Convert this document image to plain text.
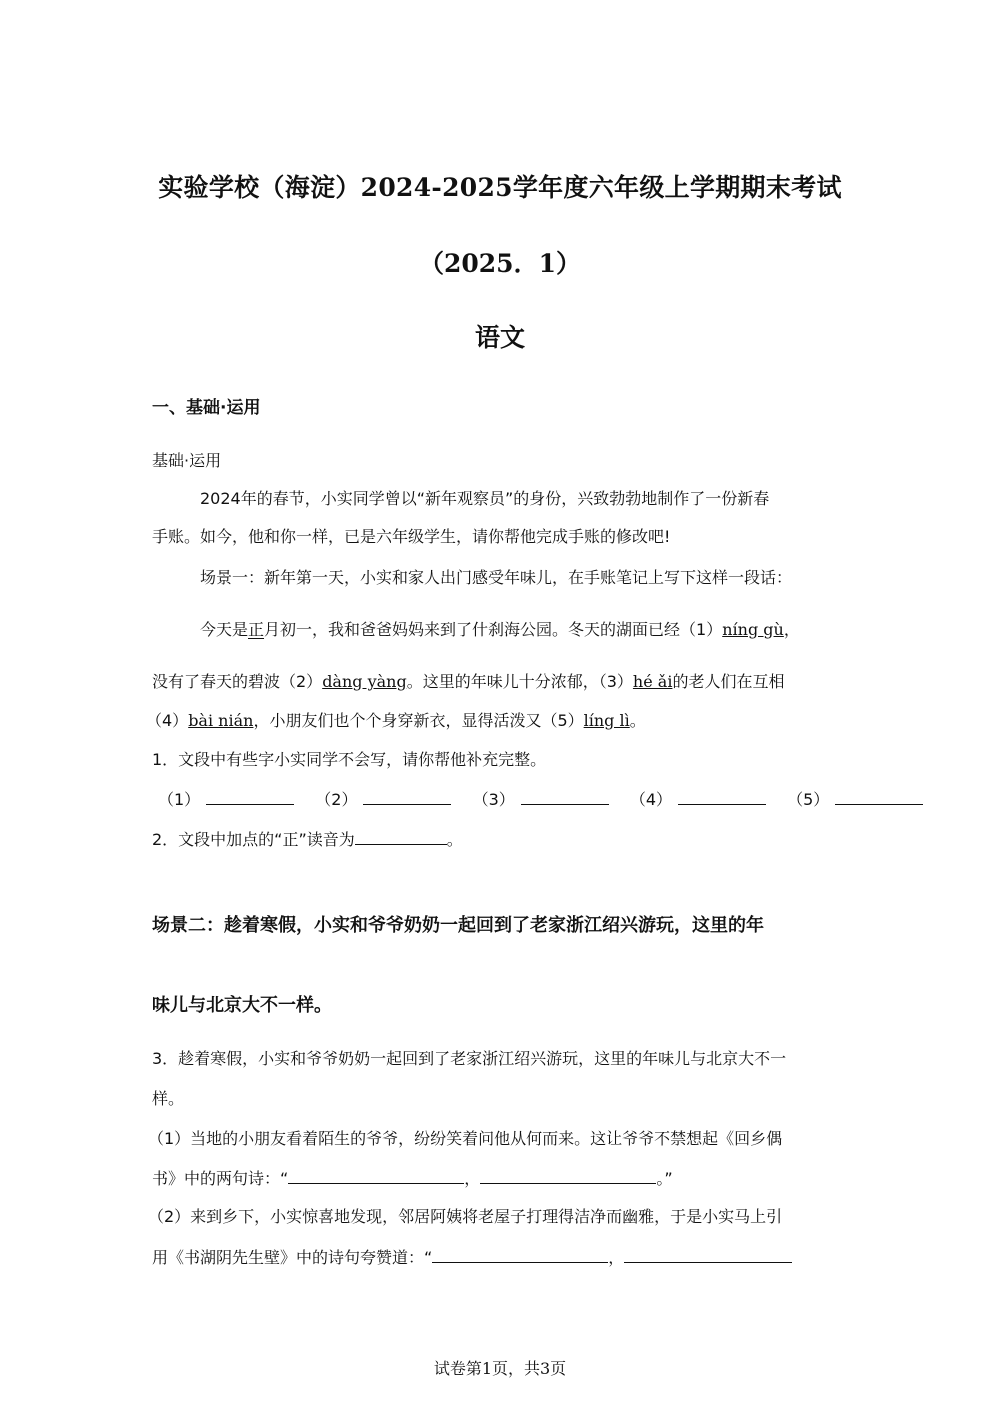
实验学校（海淀）2024-2025学年度六年级上学期期末考试
（2025．1）
语文
一、基础·运用
基础·运用
2024年的春节，小实同学曾以“新年观察员”的身份，兴致勃勃地制作了一份新春
手账。如今，他和你一样，已是六年级学生，请你帮他完成手账的修改吧!
场景一：新年第一天，小实和家人出门感受年味儿，在手账笔记上写下这样一段话：
今天是正月初一，我和爸爸妈妈来到了什刹海公园。冬天的湖面已经（1）níng gù，
没有了春天的碧波（2）dàng yàng。这里的年味儿十分浓郁，（3）hé ǎi的老人们在互相
（4）bài nián，小朋友们也个个身穿新衣，显得活泼又（5）líng lì。
1．文段中有些字小实同学不会写，请你帮他补充完整。
（1）	（2）	（3）	（4）	（5）
2．文段中加点的“正”读音为	。
场景二：趁着寒假，小实和爷爷奶奶一起回到了老家浙江绍兴游玩，这里的年
味儿与北京大不一样。
3．趁着寒假，小实和爷爷奶奶一起回到了老家浙江绍兴游玩，这里的年味儿与北京大不一
样。
（1）当地的小朋友看着陌生的爷爷，纷纷笑着问他从何而来。这让爷爷不禁想起《回乡偶
书》中的两句诗：“	，	。”
（2）来到乡下，小实惊喜地发现，邻居阿姨将老屋子打理得洁净而幽雅，于是小实马上引
用《书湖阴先生壁》中的诗句夸赞道：“	，
试卷第1页，共3页
